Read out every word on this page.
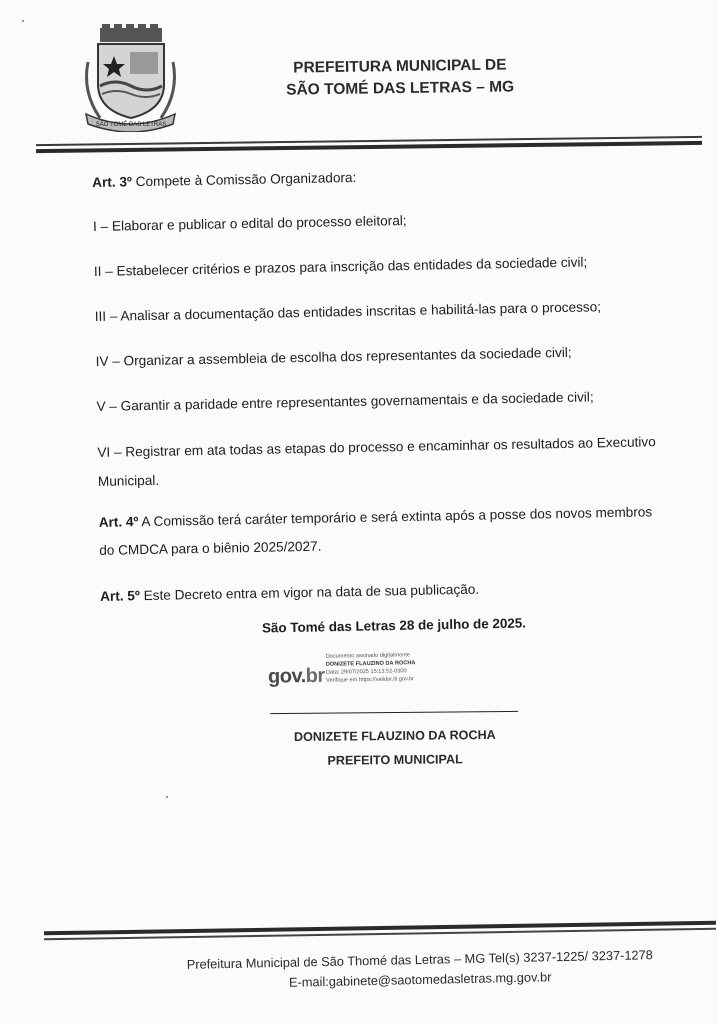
SÃO TOMÉ DAS LETRAS
PREFEITURA MUNICIPAL DE
SÃO TOMÉ DAS LETRAS – MG
Art. 3º Compete à Comissão Organizadora:
I – Elaborar e publicar o edital do processo eleitoral;
II – Estabelecer critérios e prazos para inscrição das entidades da sociedade civil;
III – Analisar a documentação das entidades inscritas e habilitá-las para o processo;
IV – Organizar a assembleia de escolha dos representantes da sociedade civil;
V – Garantir a paridade entre representantes governamentais e da sociedade civil;
VI – Registrar em ata todas as etapas do processo e encaminhar os resultados ao Executivo
Municipal.
Art. 4º A Comissão terá caráter temporário e será extinta após a posse dos novos membros
do CMDCA para o biênio 2025/2027.
Art. 5º Este Decreto entra em vigor na data de sua publicação.
São Tomé das Letras 28 de julho de 2025.
gov.br
Documento assinado digitalmente
DONIZETE FLAUZINO DA ROCHA
Data: 29/07/2025 15:13:52-0300
Verifique em https://validar.iti.gov.br
DONIZETE FLAUZINO DA ROCHA
PREFEITO MUNICIPAL
Prefeitura Municipal de São Thomé das Letras – MG Tel(s) 3237-1225/ 3237-1278
E-mail:gabinete@saotomedasletras.mg.gov.br
